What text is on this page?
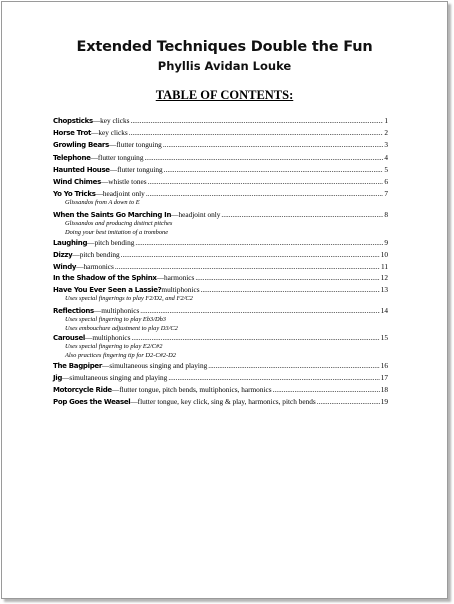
Extended Techniques Double the Fun
Phyllis Avidan Louke
TABLE OF CONTENTS:
Chopsticks —key clicks .....	1
Horse Trot —key clicks .....	2
Growling Bears —flutter tonguing .....	3
Telephone —flutter tonguing .....	4
Haunted House —flutter tonguing .....	5
Wind Chimes —whistle tones .....	6
Yo Yo Tricks —headjoint only .....	7
Glissandos from A down to E
When the Saints Go Marching In —headjoint only .....	8
Glissandos and producing distinct pitches
Doing your best imitation of a trombone
Laughing —pitch bending .....	9
Dizzy —pitch bending .....	10
Windy —harmonics .....	11
In the Shadow of the Sphinx —harmonics .....	12
Have You Ever Seen a Lassie? multiphonics .....	13
Uses special fingerings to play F2/D2, and F2/C2
Reflections —multiphonics .....	14
Uses special fingering to play Eb3/Db3
Uses embouchure adjustment to play D3/C2
Carousel —multiphonics .....	15
Uses special fingering to play E2/C#2
Also practices fingering tip for D2-C#2-D2
The Bagpiper —simultaneous singing and playing .....	16
Jig —simultaneous singing and playing .....	17
Motorcycle Ride —flutter tongue, pitch bends, multiphonics, harmonics .....	18
Pop Goes the Weasel —flutter tongue, key click, sing & play, harmonics, pitch bends .....	19
